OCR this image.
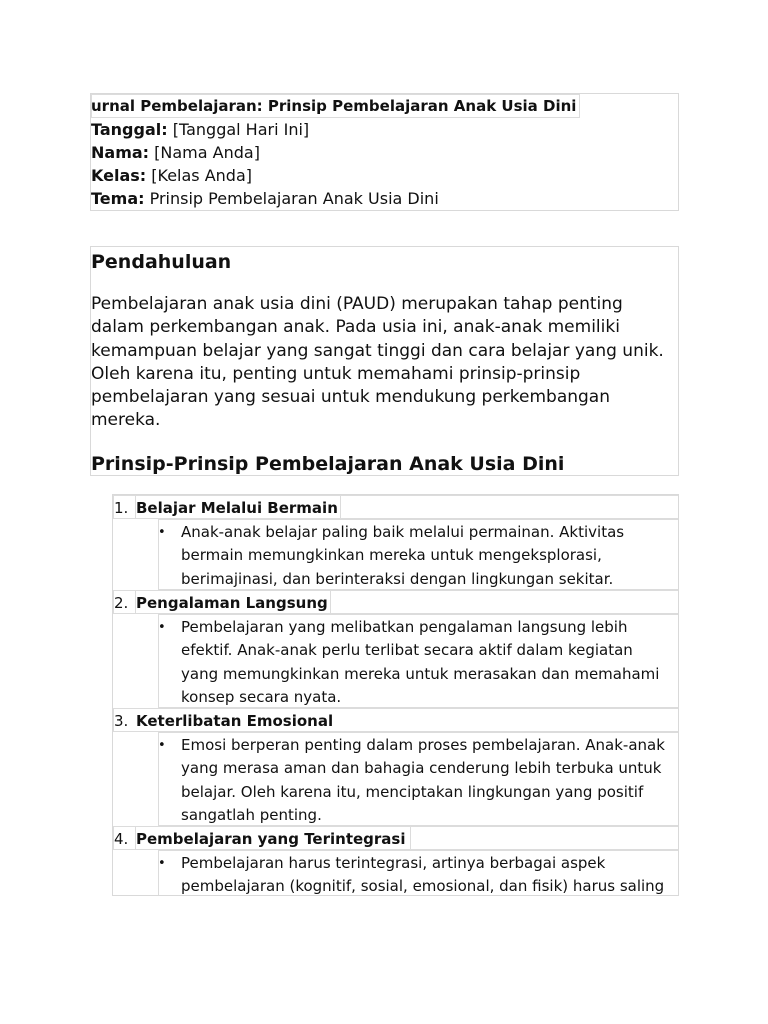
urnal Pembelajaran: Prinsip Pembelajaran Anak Usia Dini
Tanggal: [Tanggal Hari Ini]
Nama: [Nama Anda]
Kelas: [Kelas Anda]
Tema: Prinsip Pembelajaran Anak Usia Dini
Pendahuluan
Pembelajaran anak usia dini (PAUD) merupakan tahap penting dalam perkembangan anak. Pada usia ini, anak-anak memiliki kemampuan belajar yang sangat tinggi dan cara belajar yang unik. Oleh karena itu, penting untuk memahami prinsip-prinsip pembelajaran yang sesuai untuk mendukung perkembangan mereka.
Prinsip-Prinsip Pembelajaran Anak Usia Dini
1. Belajar Melalui Bermain
• Anak-anak belajar paling baik melalui permainan. Aktivitas bermain memungkinkan mereka untuk mengeksplorasi, berimajinasi, dan berinteraksi dengan lingkungan sekitar.
2. Pengalaman Langsung
• Pembelajaran yang melibatkan pengalaman langsung lebih efektif. Anak-anak perlu terlibat secara aktif dalam kegiatan yang memungkinkan mereka untuk merasakan dan memahami konsep secara nyata.
3. Keterlibatan Emosional
• Emosi berperan penting dalam proses pembelajaran. Anak-anak yang merasa aman dan bahagia cenderung lebih terbuka untuk belajar. Oleh karena itu, menciptakan lingkungan yang positif sangatlah penting.
4. Pembelajaran yang Terintegrasi
• Pembelajaran harus terintegrasi, artinya berbagai aspek pembelajaran (kognitif, sosial, emosional, dan fisik) harus saling
